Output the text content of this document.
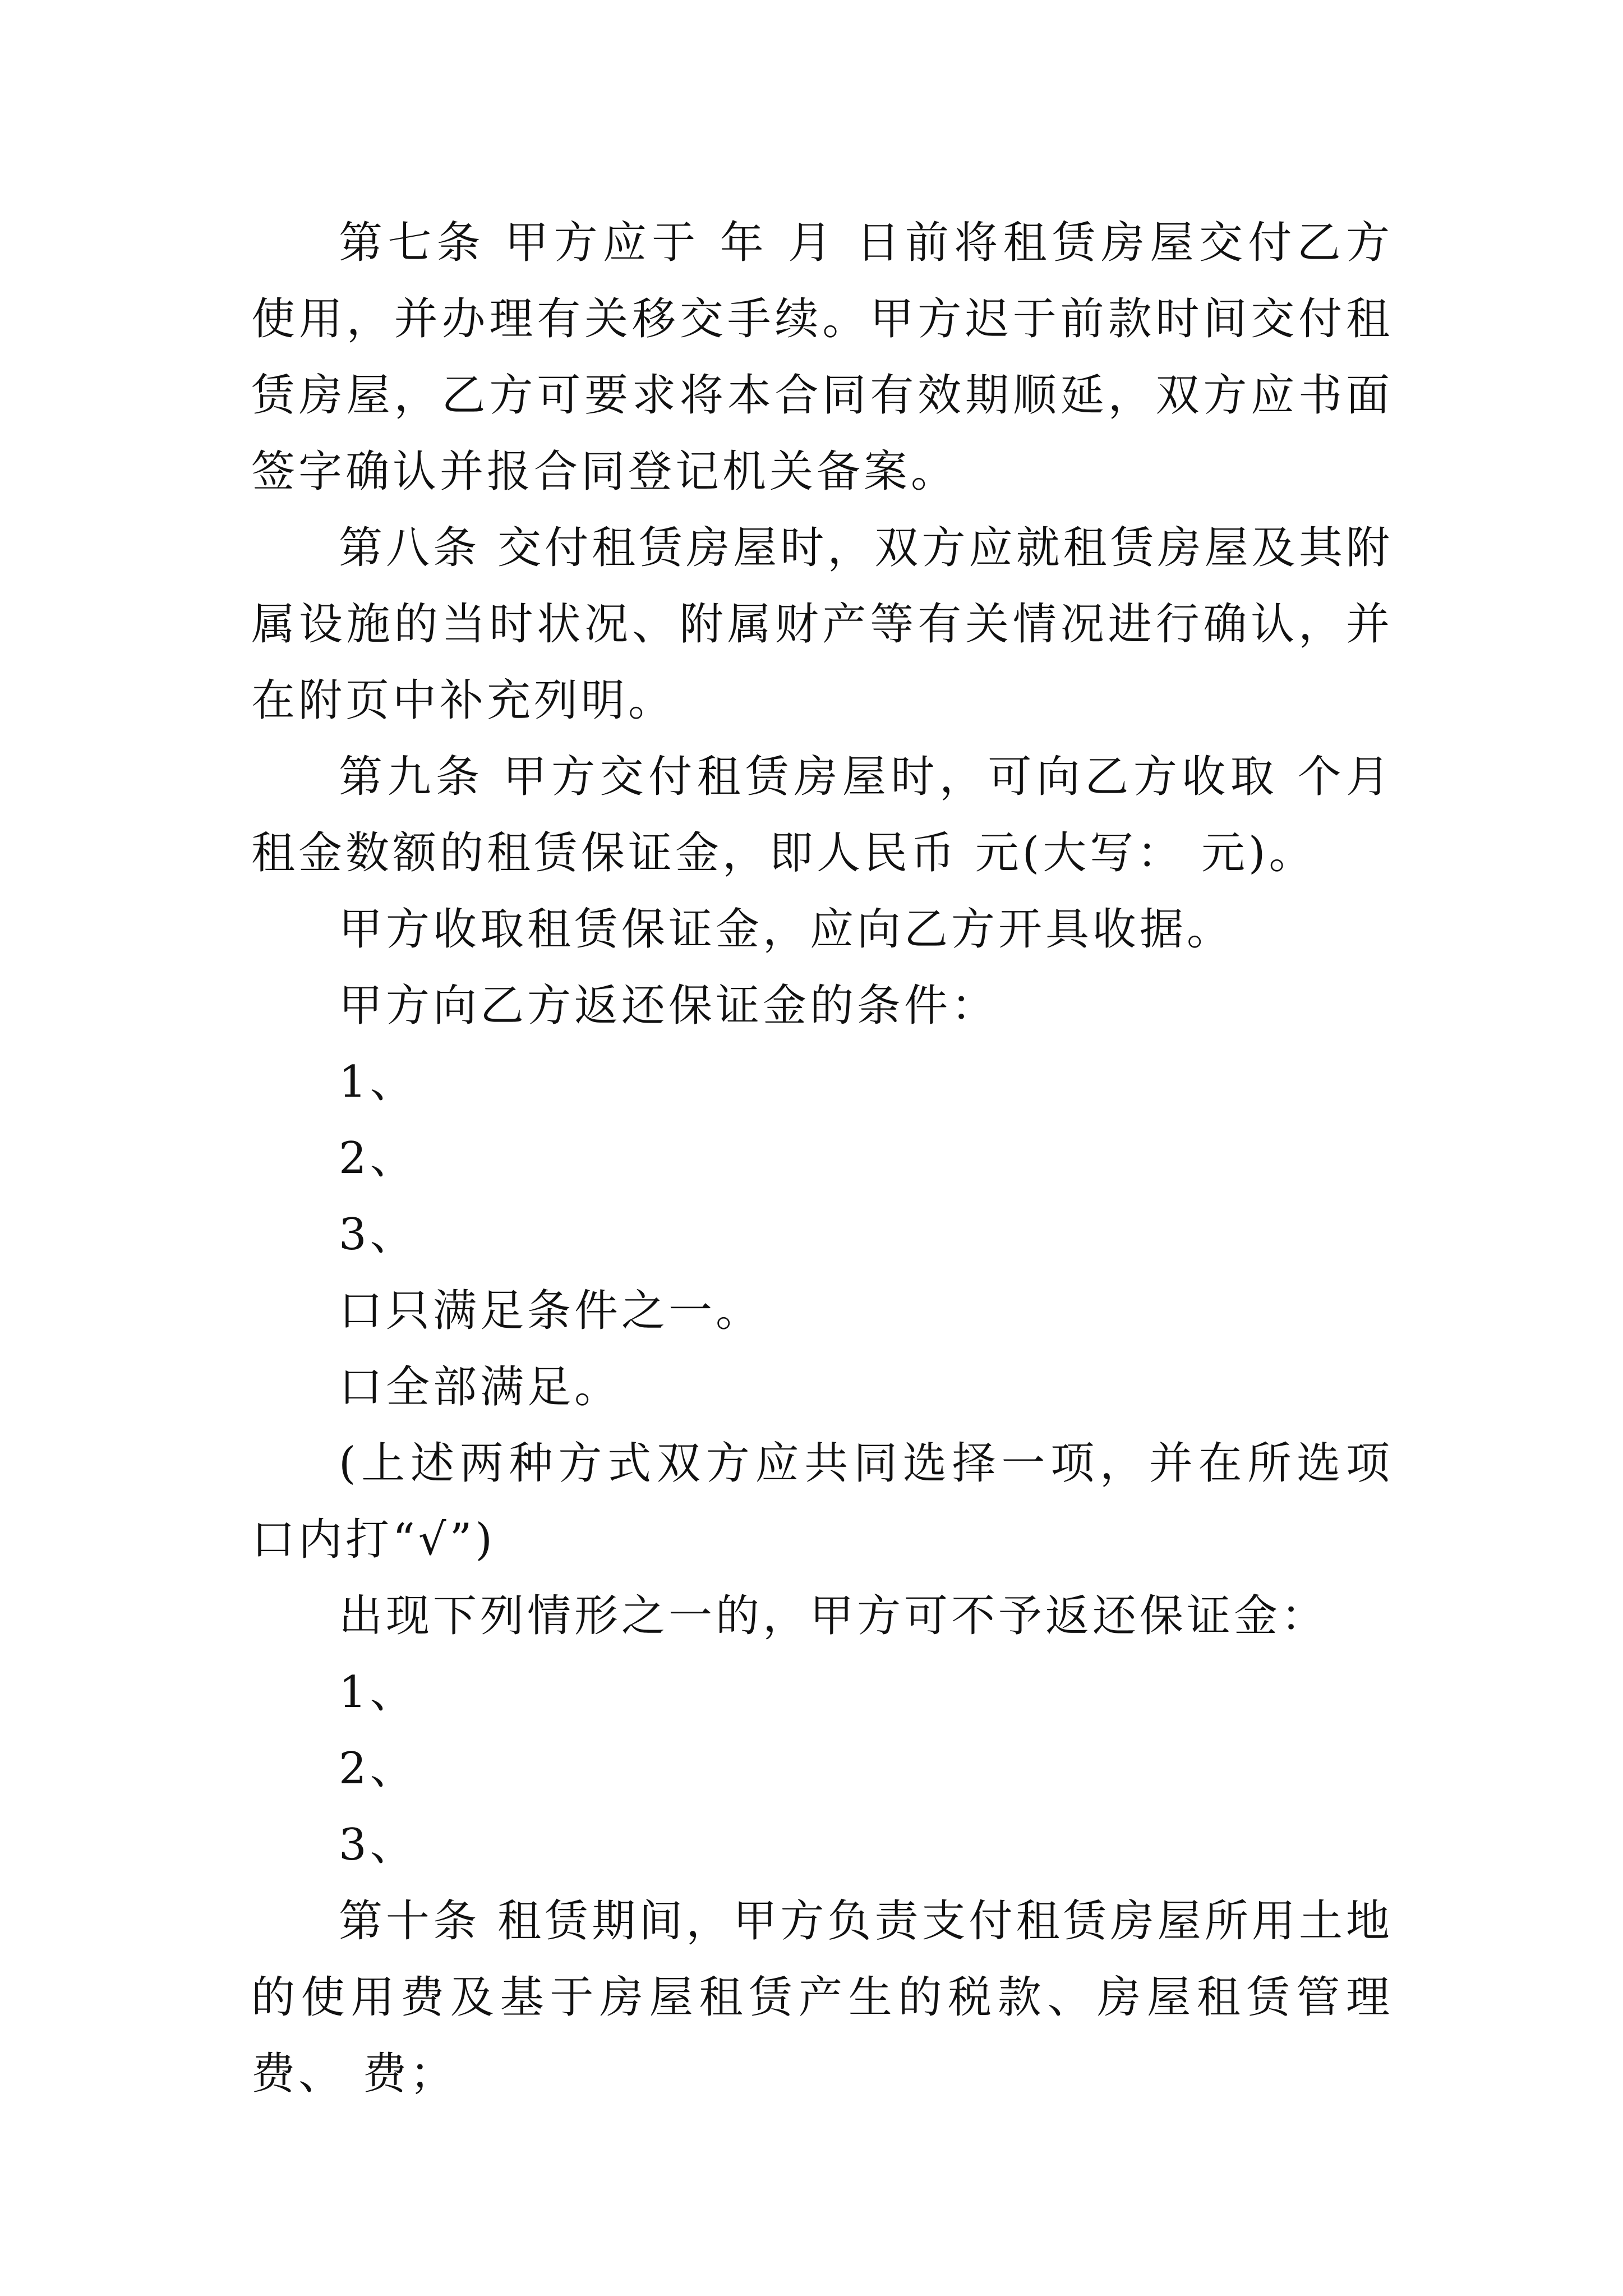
第七条 甲方应于 年 月 日前将租赁房屋交付乙方使用，并办理有关移交手续。甲方迟于前款时间交付租赁房屋，乙方可要求将本合同有效期顺延，双方应书面签字确认并报合同登记机关备案。

第八条 交付租赁房屋时，双方应就租赁房屋及其附属设施的当时状况、附属财产等有关情况进行确认，并在附页中补充列明。

第九条 甲方交付租赁房屋时，可向乙方收取 个月租金数额的租赁保证金，即人民币 元(大写： 元)。

甲方收取租赁保证金，应向乙方开具收据。

甲方向乙方返还保证金的条件：

1、

2、

3、

口只满足条件之一。

口全部满足。

(上述两种方式双方应共同选择一项，并在所选项口内打“√”)

出现下列情形之一的，甲方可不予返还保证金：

1、

2、

3、

第十条 租赁期间，甲方负责支付租赁房屋所用土地的使用费及基于房屋租赁产生的税款、房屋租赁管理费、 费；
